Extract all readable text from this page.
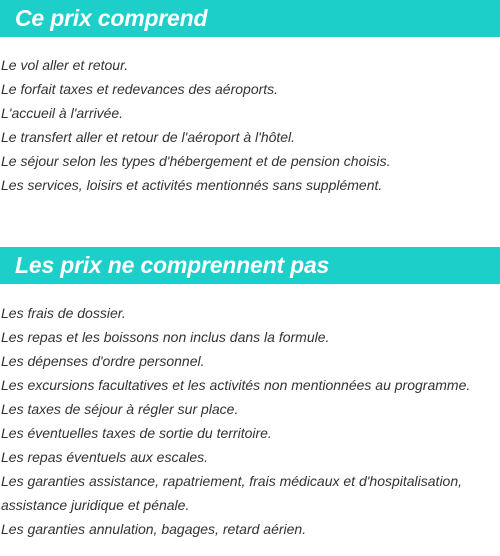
Ce prix comprend
Le vol aller et retour.
Le forfait taxes et redevances des aéroports.
L'accueil à l'arrivée.
Le transfert aller et retour de l'aéroport à l'hôtel.
Le séjour selon les types d'hébergement et de pension choisis.
Les services, loisirs et activités mentionnés sans supplément.
Les prix ne comprennent pas
Les frais de dossier.
Les repas et les boissons non inclus dans la formule.
Les dépenses d'ordre personnel.
Les excursions facultatives et les activités non mentionnées au programme.
Les taxes de séjour à régler sur place.
Les éventuelles taxes de sortie du territoire.
Les repas éventuels aux escales.
Les garanties assistance, rapatriement, frais médicaux et d'hospitalisation,
assistance juridique et pénale.
Les garanties annulation, bagages, retard aérien.
